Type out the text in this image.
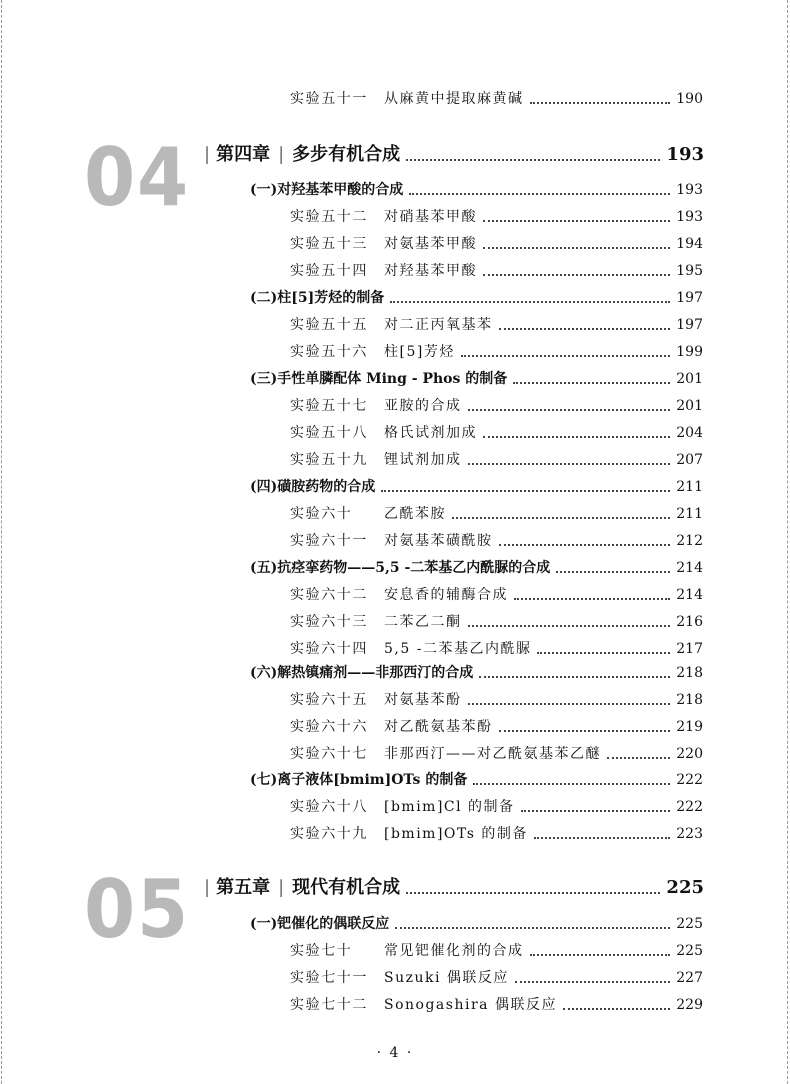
实验五十一	从麻黄中提取麻黄碱	190
04 | 第四章 | 多步有机合成	193
(一)对羟基苯甲酸的合成	193
实验五十二	对硝基苯甲酸	193
实验五十三	对氨基苯甲酸	194
实验五十四	对羟基苯甲酸	195
(二)柱[5]芳烃的制备	197
实验五十五	对二正丙氧基苯	197
实验五十六	柱[5]芳烃	199
(三)手性单膦配体 Ming - Phos 的制备	201
实验五十七	亚胺的合成	201
实验五十八	格氏试剂加成	204
实验五十九	锂试剂加成	207
(四)磺胺药物的合成	211
实验六十	乙酰苯胺	211
实验六十一	对氨基苯磺酰胺	212
(五)抗痉挛药物——5,5 -二苯基乙内酰脲的合成	214
实验六十二	安息香的辅酶合成	214
实验六十三	二苯乙二酮	216
实验六十四	5,5 -二苯基乙内酰脲	217
(六)解热镇痛剂——非那西汀的合成	218
实验六十五	对氨基苯酚	218
实验六十六	对乙酰氨基苯酚	219
实验六十七	非那西汀——对乙酰氨基苯乙醚	220
(七)离子液体[bmim]OTs 的制备	222
实验六十八	[bmim]Cl 的制备	222
实验六十九	[bmim]OTs 的制备	223
05 | 第五章 | 现代有机合成	225
(一)钯催化的偶联反应	225
实验七十	常见钯催化剂的合成	225
实验七十一	Suzuki 偶联反应	227
实验七十二	Sonogashira 偶联反应	229
· 4 ·
